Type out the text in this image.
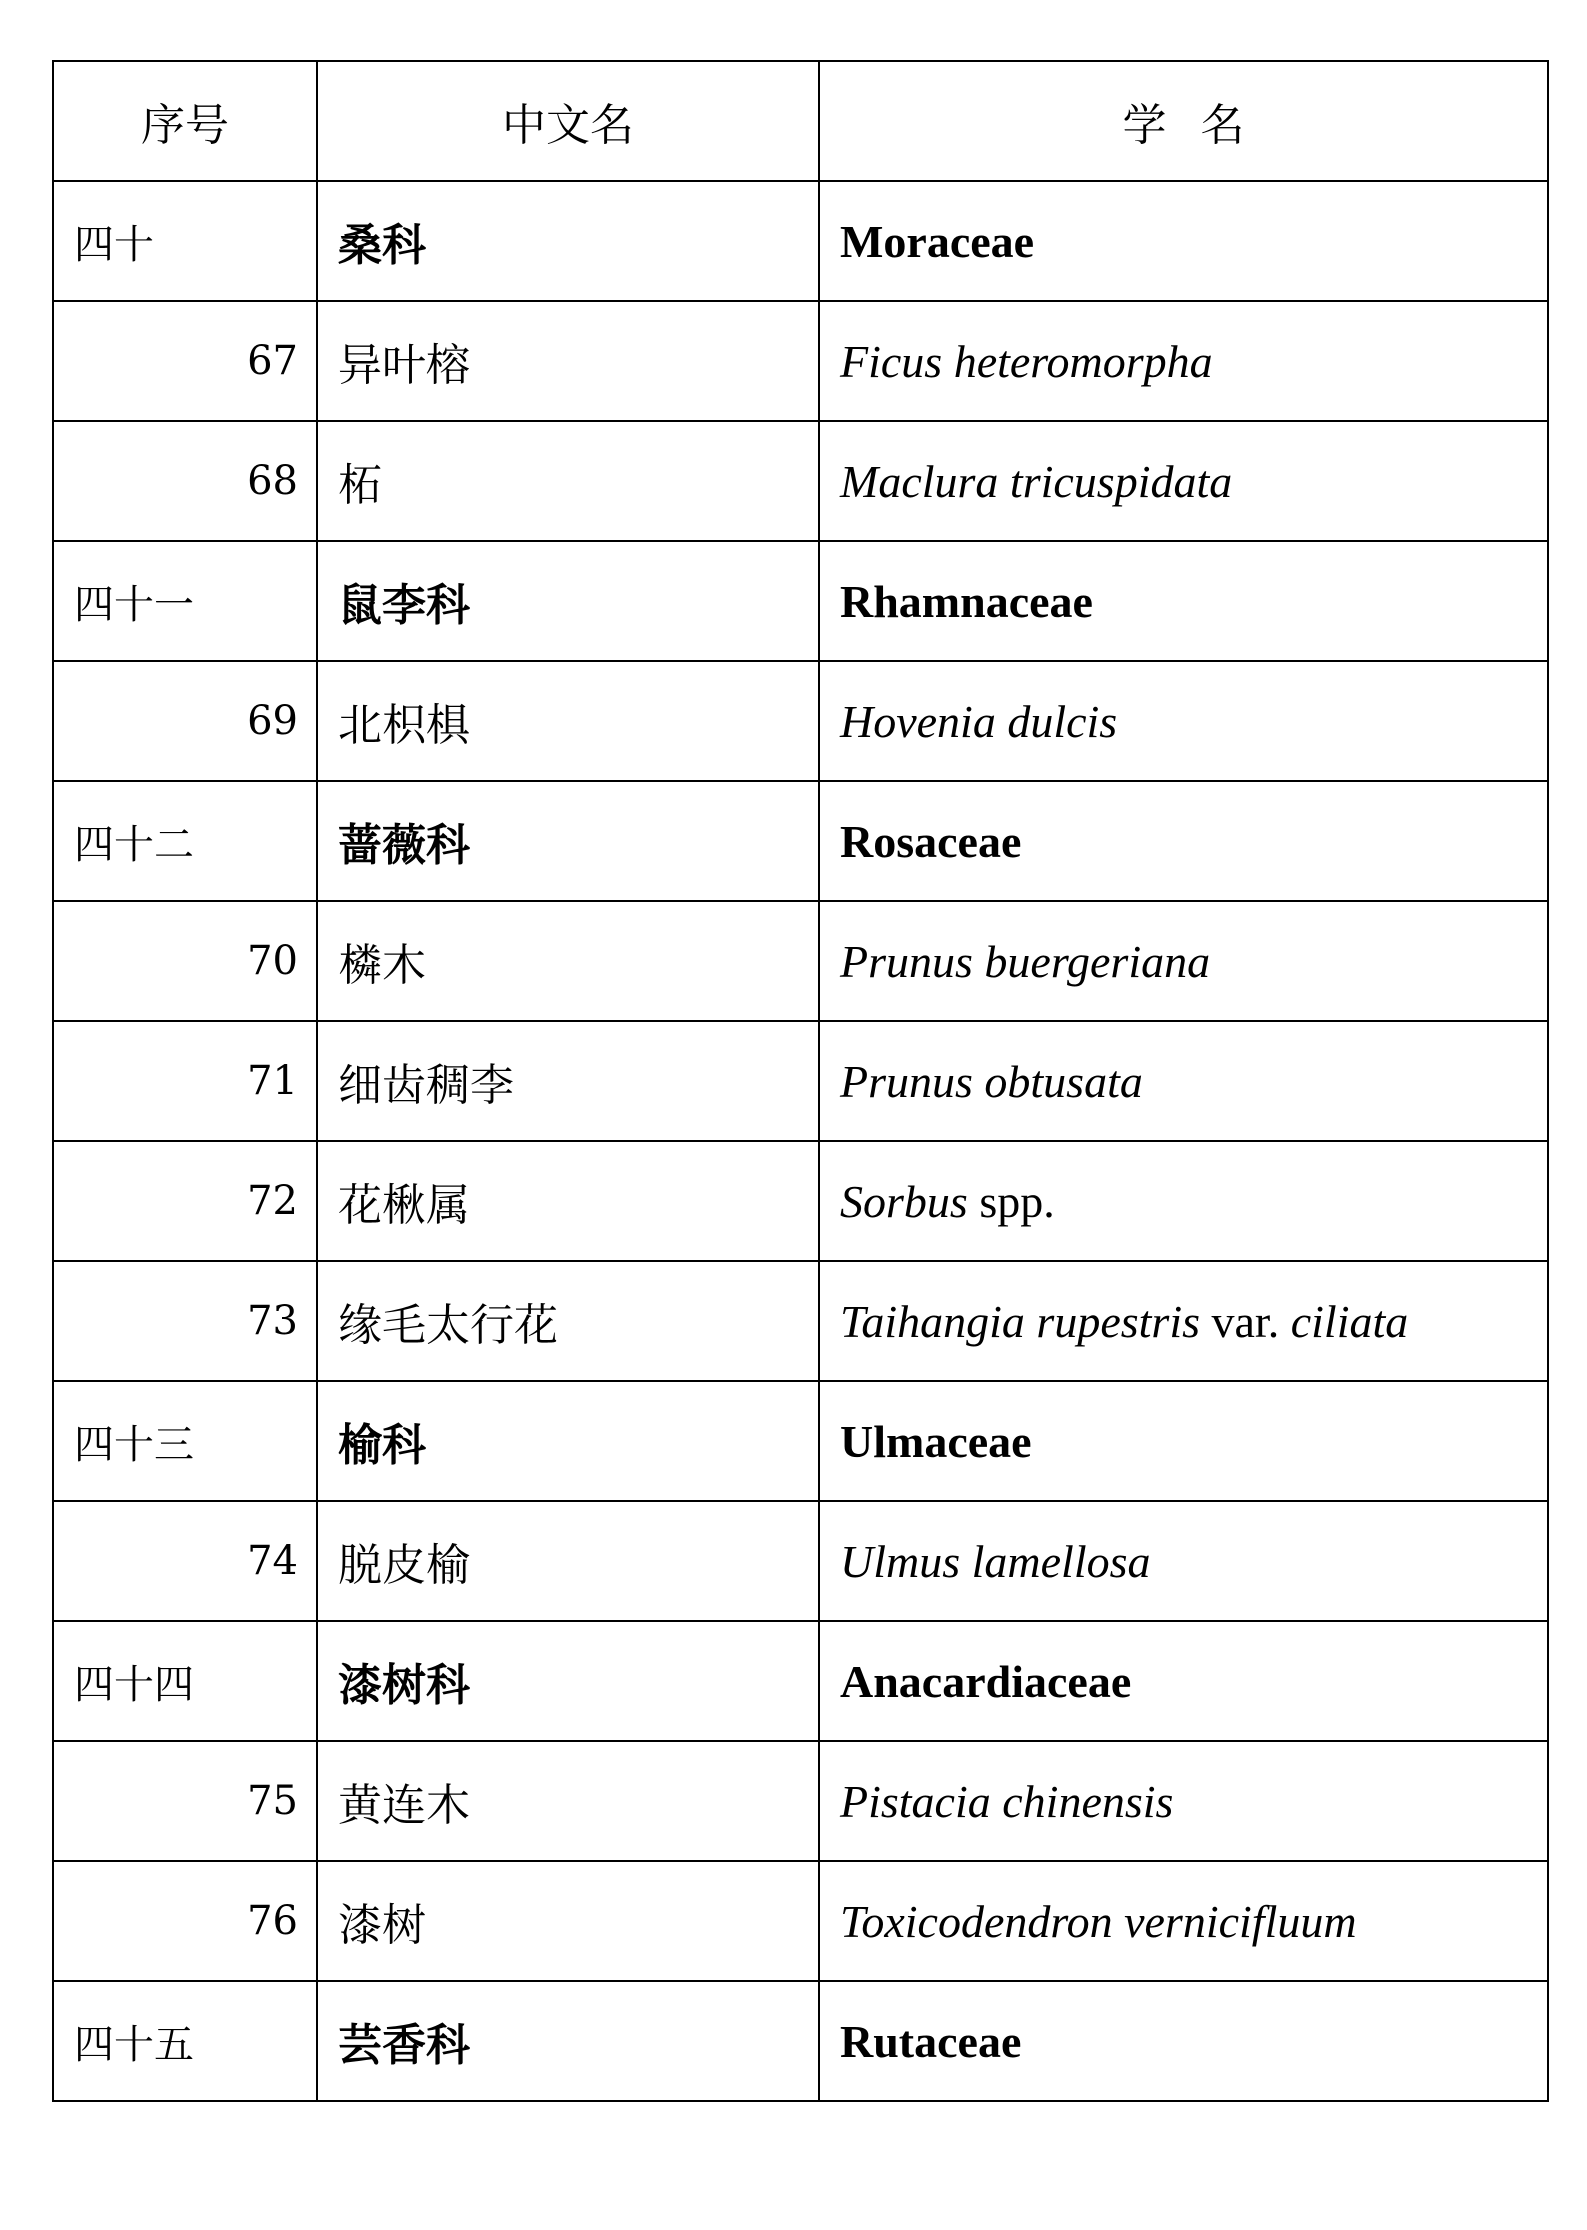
序号	中文名	学名
四十	桑科	Moraceae
67	异叶榕	Ficus heteromorpha
68	柘	Maclura tricuspidata
四十一	鼠李科	Rhamnaceae
69	北枳椇	Hovenia dulcis
四十二	蔷薇科	Rosaceae
70	橉木	Prunus buergeriana
71	细齿稠李	Prunus obtusata
72	花楸属	Sorbus spp.
73	缘毛太行花	Taihangia rupestris var. ciliata
四十三	榆科	Ulmaceae
74	脱皮榆	Ulmus lamellosa
四十四	漆树科	Anacardiaceae
75	黄连木	Pistacia chinensis
76	漆树	Toxicodendron vernicifluum
四十五	芸香科	Rutaceae
